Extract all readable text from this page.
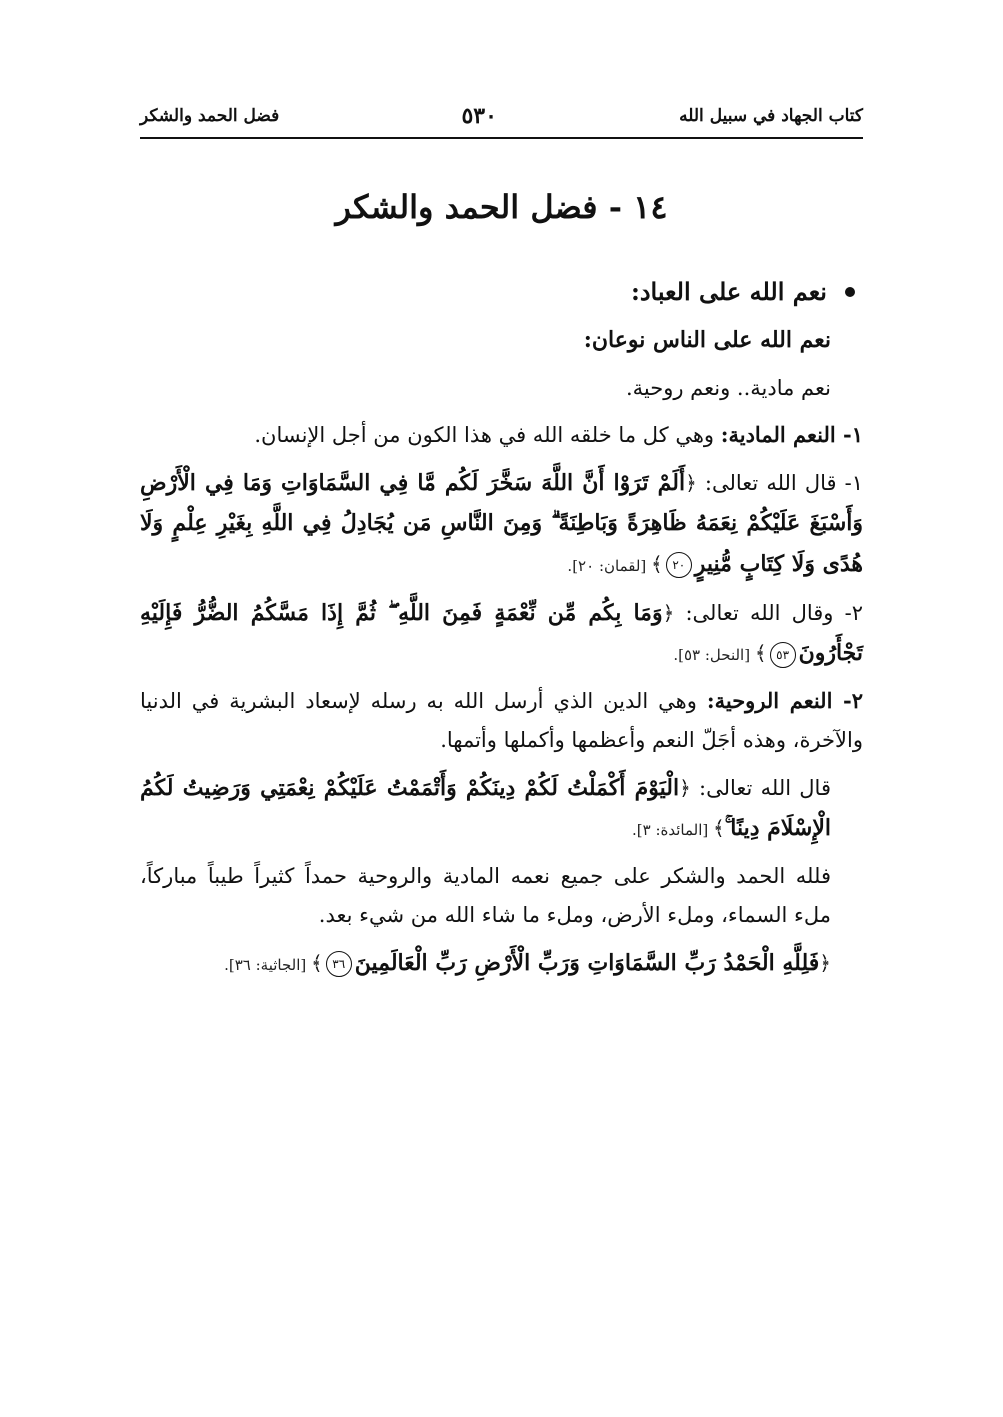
كتاب الجهاد في سبيل الله
٥٣٠
فضل الحمد والشكر
١٤ - فضل الحمد والشكر
نعم الله على العباد:

نعم الله على الناس نوعان:

نعم مادية.. ونعم روحية.

١- النعم المادية: وهي كل ما خلقه الله في هذا الكون من أجل الإنسان.

١- قال الله تعالى: ﴿أَلَمْ تَرَوْا أَنَّ اللَّهَ سَخَّرَ لَكُم مَّا فِي السَّمَاوَاتِ وَمَا فِي الْأَرْضِ وَأَسْبَغَ عَلَيْكُمْ نِعَمَهُ ظَاهِرَةً وَبَاطِنَةً ۗ وَمِنَ النَّاسِ مَن يُجَادِلُ فِي اللَّهِ بِغَيْرِ عِلْمٍ وَلَا هُدًى وَلَا كِتَابٍ مُّنِيرٍ٢٠﴾ [لقمان: ٢٠].

٢- وقال الله تعالى: ﴿وَمَا بِكُم مِّن نِّعْمَةٍ فَمِنَ اللَّهِ ۖ ثُمَّ إِذَا مَسَّكُمُ الضُّرُّ فَإِلَيْهِ تَجْأَرُونَ٥٣﴾ [النحل: ٥٣].

٢- النعم الروحية: وهي الدين الذي أرسل الله به رسله لإسعاد البشرية في الدنيا والآخرة، وهذه أجَلّ النعم وأعظمها وأكملها وأتمها.

قال الله تعالى: ﴿الْيَوْمَ أَكْمَلْتُ لَكُمْ دِينَكُمْ وَأَتْمَمْتُ عَلَيْكُمْ نِعْمَتِي وَرَضِيتُ لَكُمُ الْإِسْلَامَ دِينًا ۚ﴾ [المائدة: ٣].

فلله الحمد والشكر على جميع نعمه المادية والروحية حمداً كثيراً طيباً مباركاً، ملء السماء، وملء الأرض، وملء ما شاء الله من شيء بعد.

﴿فَلِلَّهِ الْحَمْدُ رَبِّ السَّمَاوَاتِ وَرَبِّ الْأَرْضِ رَبِّ الْعَالَمِينَ٣٦﴾ [الجاثية: ٣٦].
